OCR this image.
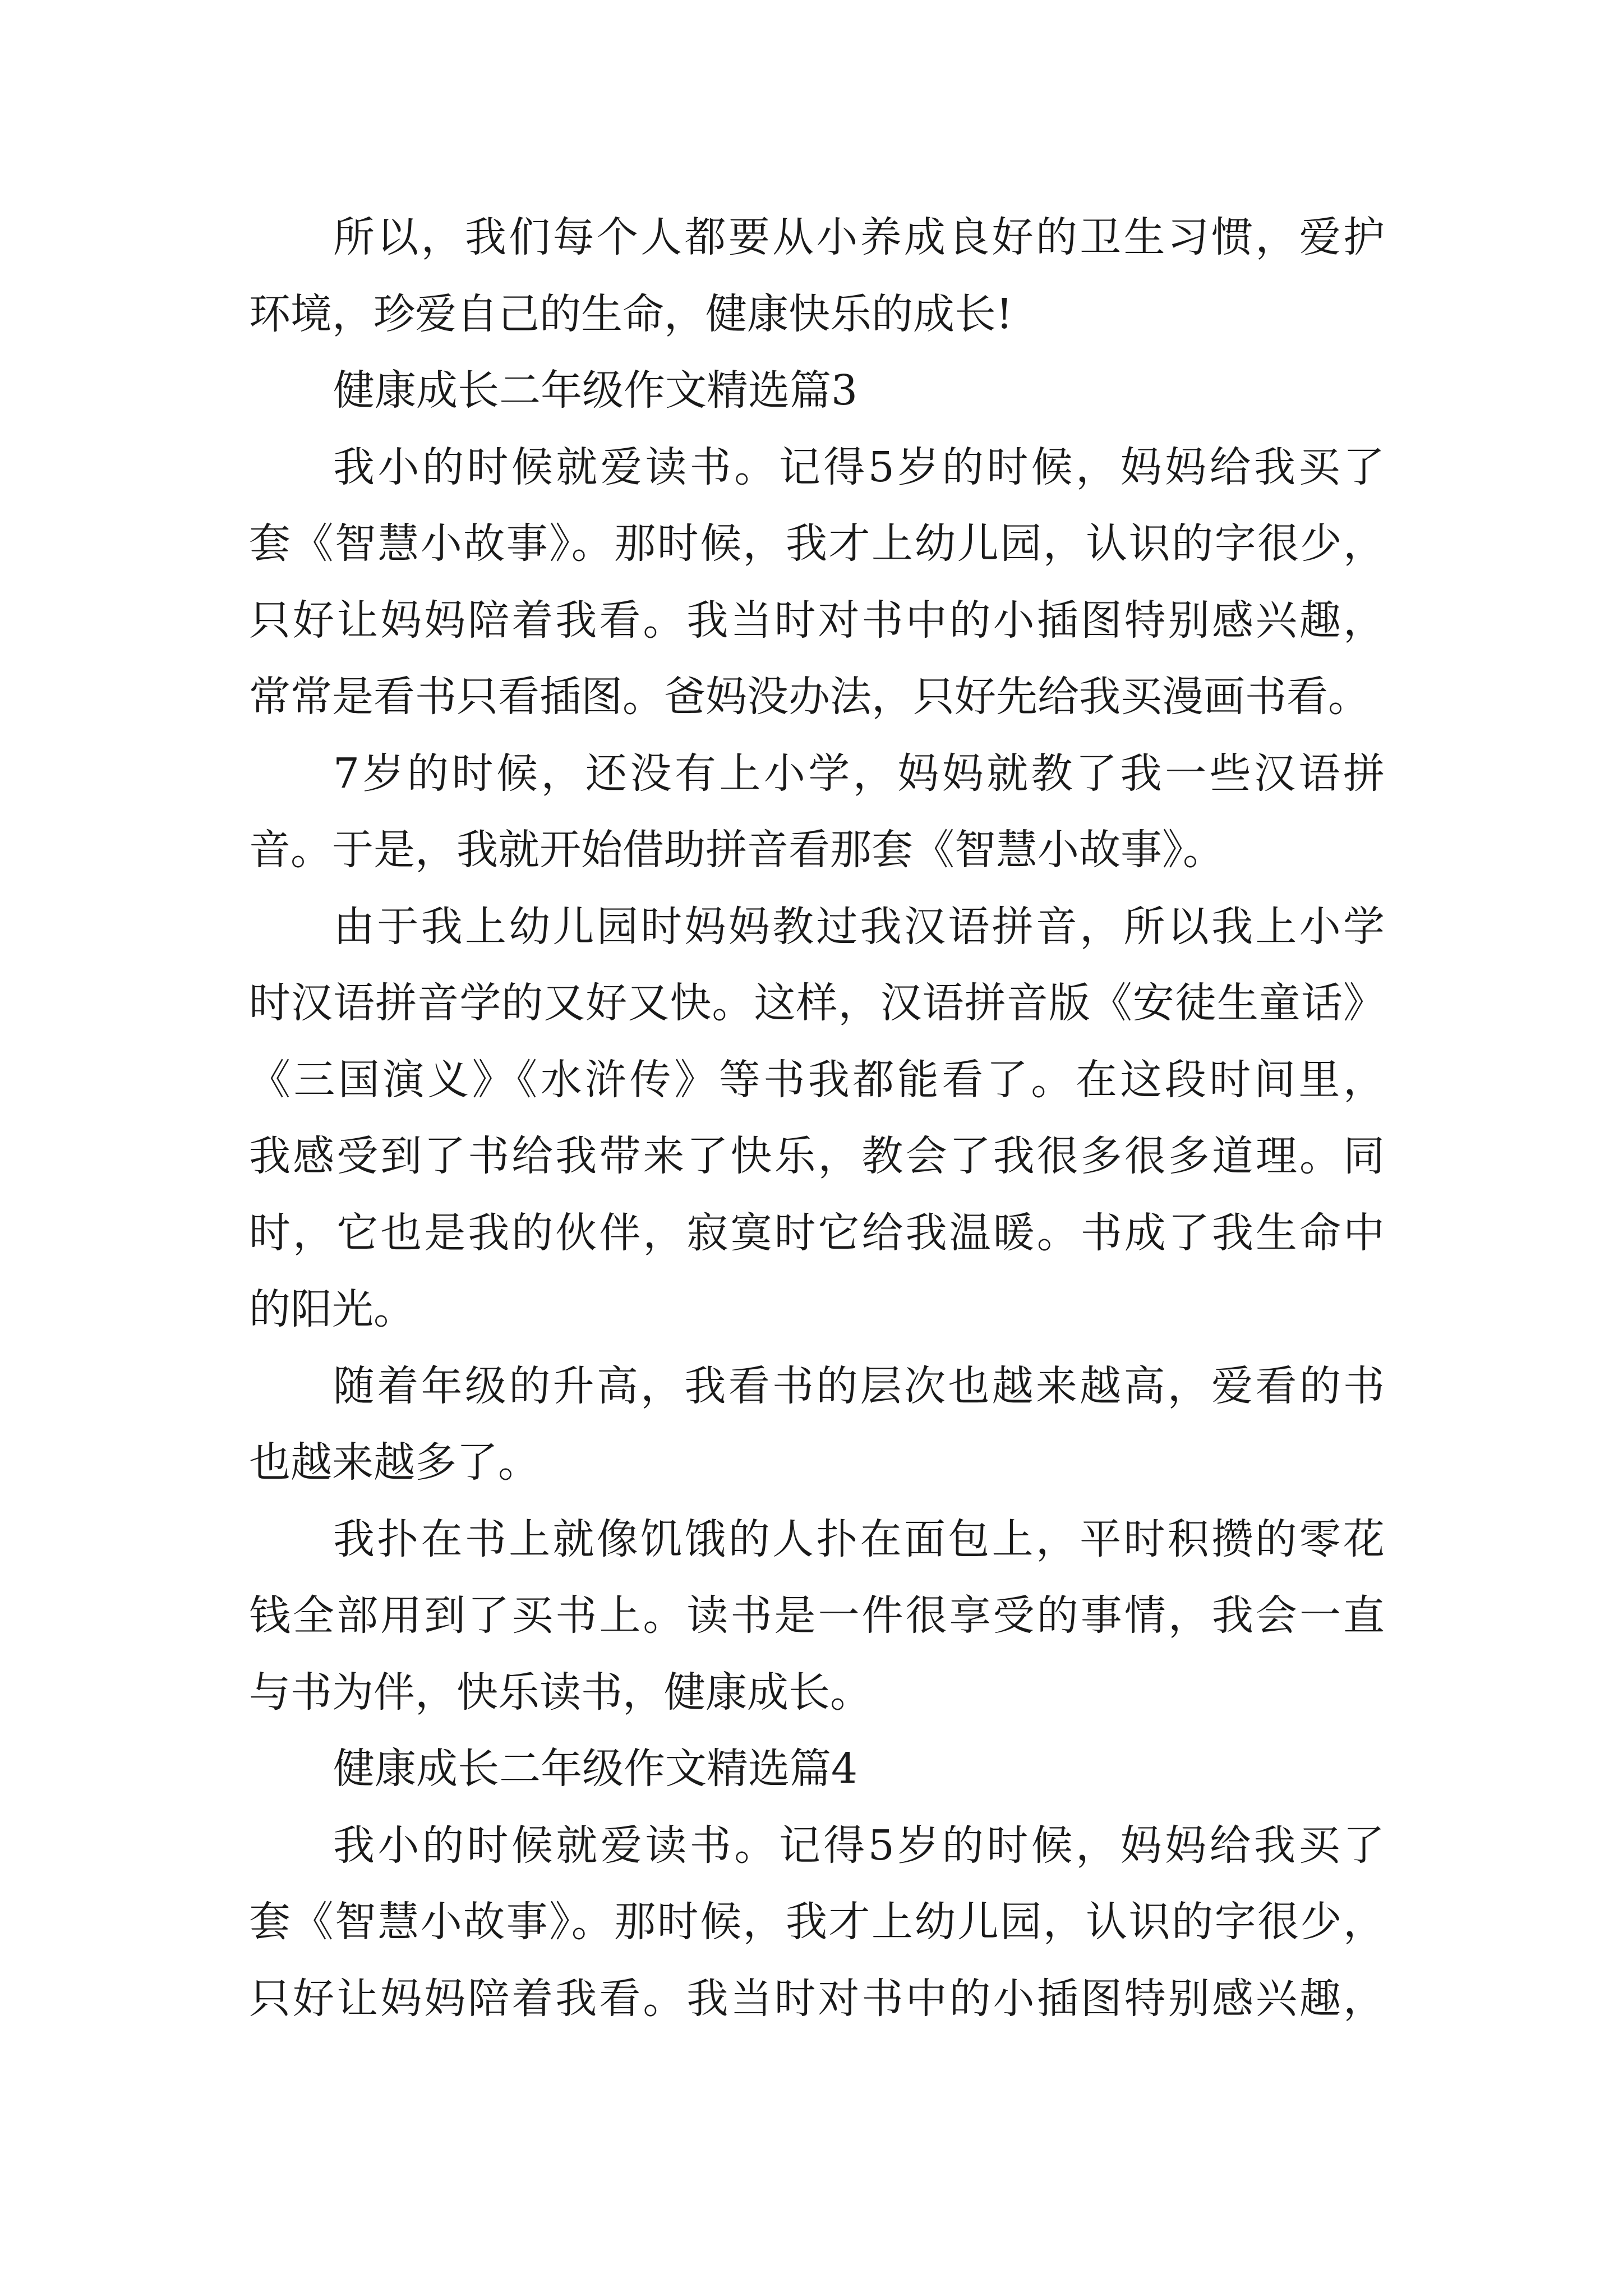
所以，我们每个人都要从小养成良好的卫生习惯，爱护
环境，珍爱自己的生命，健康快乐的成长!
健康成长二年级作文精选篇3
我小的时候就爱读书。记得5岁的时候，妈妈给我买了
套《智慧小故事》。那时候，我才上幼儿园，认识的字很少，
只好让妈妈陪着我看。我当时对书中的小插图特别感兴趣，
常常是看书只看插图。爸妈没办法，只好先给我买漫画书看。
7岁的时候，还没有上小学，妈妈就教了我一些汉语拼
音。于是，我就开始借助拼音看那套《智慧小故事》。
由于我上幼儿园时妈妈教过我汉语拼音，所以我上小学
时汉语拼音学的又好又快。这样，汉语拼音版《安徒生童话》
《三国演义》《水浒传》等书我都能看了。在这段时间里，
我感受到了书给我带来了快乐，教会了我很多很多道理。同
时，它也是我的伙伴，寂寞时它给我温暖。书成了我生命中
的阳光。
随着年级的升高，我看书的层次也越来越高，爱看的书
也越来越多了。
我扑在书上就像饥饿的人扑在面包上，平时积攒的零花
钱全部用到了买书上。读书是一件很享受的事情，我会一直
与书为伴，快乐读书，健康成长。
健康成长二年级作文精选篇4
我小的时候就爱读书。记得5岁的时候，妈妈给我买了
套《智慧小故事》。那时候，我才上幼儿园，认识的字很少，
只好让妈妈陪着我看。我当时对书中的小插图特别感兴趣，
